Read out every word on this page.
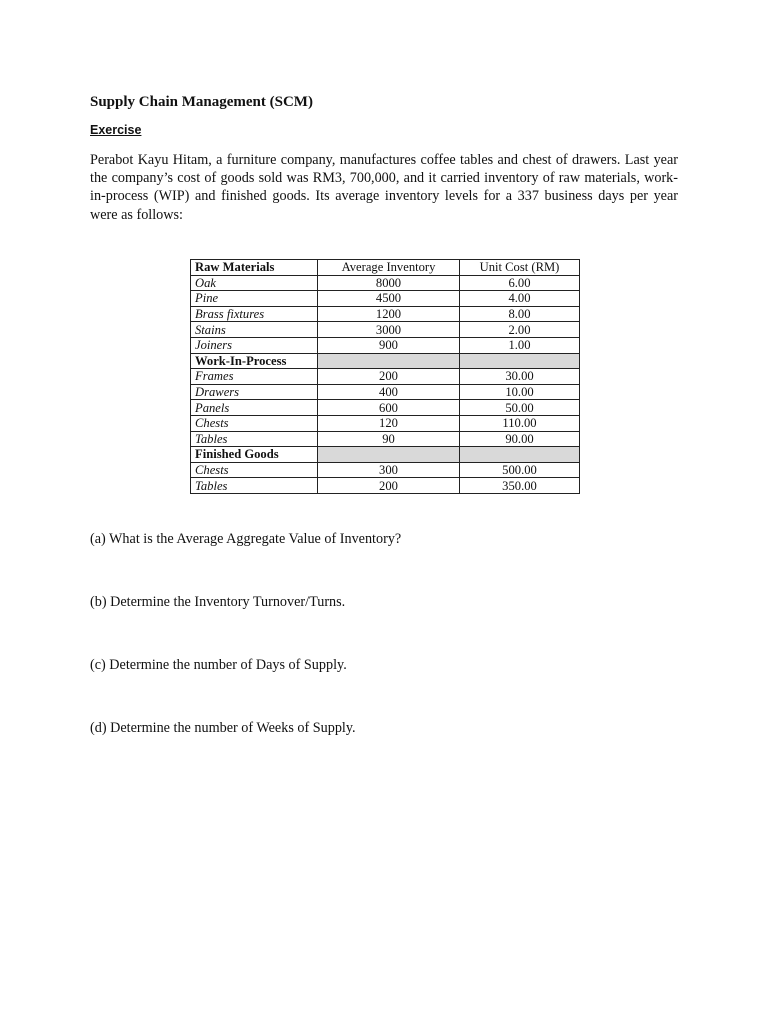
Supply Chain Management (SCM)
Exercise

Perabot Kayu Hitam, a furniture company, manufactures coffee tables and chest of drawers. Last year the company’s cost of goods sold was RM3, 700,000, and it carried inventory of raw materials, work-in-process (WIP) and finished goods. Its average inventory levels for a 337 business days per year were as follows:

Raw Materials	Average Inventory	Unit Cost (RM)
Oak	8000	6.00
Pine	4500	4.00
Brass fixtures	1200	8.00
Stains	3000	2.00
Joiners	900	1.00
Work-In-Process		
Frames	200	30.00
Drawers	400	10.00
Panels	600	50.00
Chests	120	110.00
Tables	90	90.00
Finished Goods		
Chests	300	500.00
Tables	200	350.00
(a) What is the Average Aggregate Value of Inventory?
(b) Determine the Inventory Turnover/Turns.
(c) Determine the number of Days of Supply.
(d) Determine the number of Weeks of Supply.
